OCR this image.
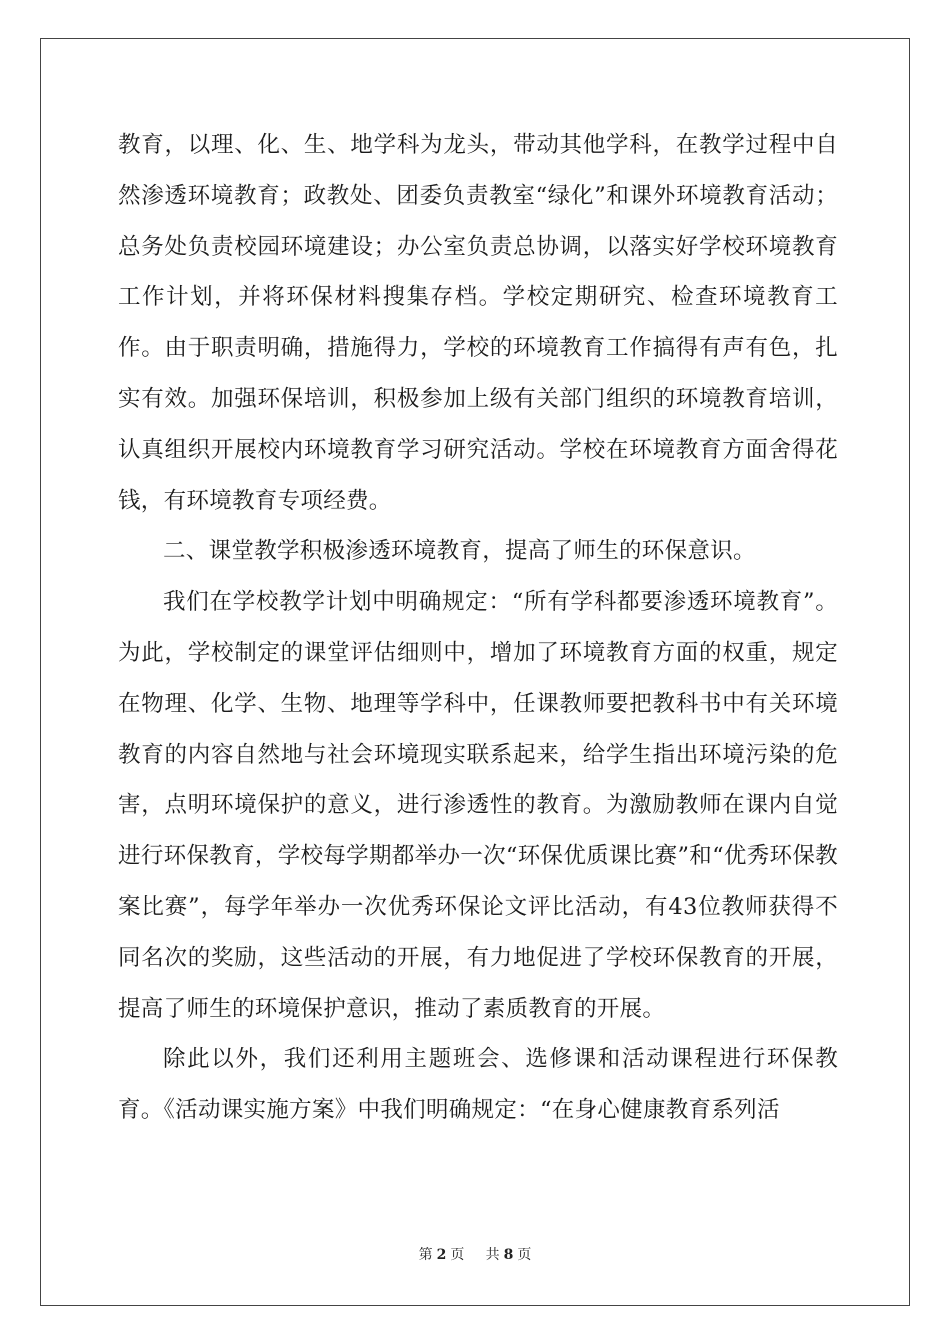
教育，以理、化、生、地学科为龙头，带动其他学科，在教学过程中自然渗透环境教育；政教处、团委负责教室“绿化”和课外环境教育活动；总务处负责校园环境建设；办公室负责总协调，以落实好学校环境教育工作计划，并将环保材料搜集存档。学校定期研究、检查环境教育工作。由于职责明确，措施得力，学校的环境教育工作搞得有声有色，扎实有效。加强环保培训，积极参加上级有关部门组织的环境教育培训，认真组织开展校内环境教育学习研究活动。学校在环境教育方面舍得花钱，有环境教育专项经费。

二、课堂教学积极渗透环境教育，提高了师生的环保意识。

我们在学校教学计划中明确规定：“所有学科都要渗透环境教育”。为此，学校制定的课堂评估细则中，增加了环境教育方面的权重，规定在物理、化学、生物、地理等学科中，任课教师要把教科书中有关环境教育的内容自然地与社会环境现实联系起来，给学生指出环境污染的危害，点明环境保护的意义，进行渗透性的教育。为激励教师在课内自觉进行环保教育，学校每学期都举办一次“环保优质课比赛”和“优秀环保教案比赛”，每学年举办一次优秀环保论文评比活动，有43位教师获得不同名次的奖励，这些活动的开展，有力地促进了学校环保教育的开展，提高了师生的环境保护意识，推动了素质教育的开展。

除此以外，我们还利用主题班会、选修课和活动课程进行环保教育。《活动课实施方案》中我们明确规定：“在身心健康教育系列活

第 2 页 共 8 页
